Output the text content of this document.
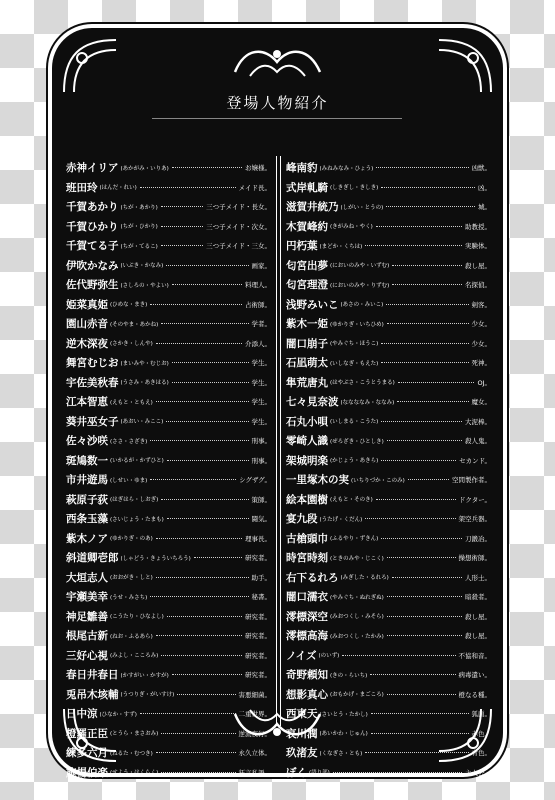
登場人物紹介
赤神イリア (あかがみ・いりあ)	お嬢様。
班田玲 (はんだ・れい)	メイド長。
千賀あかり (ちが・あかり)	三つ子メイド・長女。
千賀ひかり (ちが・ひかり)	三つ子メイド・次女。
千賀てる子 (ちが・てるこ)	三つ子メイド・三女。
伊吹かなみ (いぶき・かなみ)	画家。
佐代野弥生 (さしろの・やよい)	料理人。
姫菜真姫 (ひめな・まき)	占術師。
園山赤音 (そのやま・あかね)	学者。
逆木深夜 (さかき・しんや)	介添人。
舞宮むじお (まいみや・むじお)	学生。
宇佐美秋春 (うさみ・あきはる)	学生。
江本智恵 (えもと・ともえ)	学生。
葵井巫女子 (あおい・みここ)	学生。
佐々沙咲 (ささ・さざき)	刑事。
斑鳩数一 (いかるが・かずひと)	刑事。
市井遊馬 (しせい・ゆま)	シグザグ。
萩原子荻 (はぎはら・しおぎ)	策師。
西条玉藻 (さいじょう・たまも)	闘気。
紫木ノア (ゆかりぎ・のあ)	理事長。
斜道卿壱郎 (しゃどう・きょういちろう)	研究者。
大垣志人 (おおがき・しと)	助手。
宇瀬美幸 (うせ・みさち)	秘書。
神足雛善 (こうたり・ひなよし)	研究者。
根尾古新 (ねお・ふるあら)	研究者。
三好心視 (みよし・こころみ)	研究者。
春日井春日 (かすがい・かすが)	研究者。
兎吊木垓輔 (うつりぎ・がいすけ)	害悪細菌。
日中涼 (ひなか・すず)	二重世界。
橙羅正臣 (とうら・まさおみ)	逆流夜行。
練多六月 (ねるた・むつき)	永久立体。
施楊伯楽 (せよう・はくらく)	狂言私語。
峰南豹 (みねみなみ・ひょう)	凶獣。
式岸軋騎 (しきぎし・きしき)	凶。
滋賀井統乃 (しがい・とうの)	城。
木賀峰約 (きがみね・やく)	助教授。
円朽葉 (まどか・くちは)	実験体。
匂宮出夢 (においのみや・いずむ)	殺し屋。
匂宮理澄 (においのみや・りずむ)	名探偵。
浅野みいこ (あさの・みいこ)	剣客。
紫木一姫 (ゆかりぎ・いちひめ)	少女。
闇口崩子 (やみぐち・ほうこ)	少女。
石凪萌太 (いしなぎ・もえた)	死神。
隼荒唐丸 (はやぶさ・こうとうまる)	OJ。
七々見奈波 (ななななみ・ななみ)	魔女。
石丸小唄 (いしまる・こうた)	大泥棒。
零崎人識 (ぜろざき・ひとしき)	殺人鬼。
架城明楽 (かじょう・あきら)	セカンド。
一里塚木の実 (いちりづか・このみ)	空間製作者。
絵本園樹 (えもと・そのき)	ドクター。
宴九段 (うたげ・くだん)	架空兵器。
古槍頭巾 (ふるやり・ずきん)	刀鍛冶。
時宮時刻 (ときのみや・じこく)	操想術師。
右下るれろ (みぎした・るれろ)	人形士。
闇口濡衣 (やみぐち・ぬれぎぬ)	暗殺者。
澪標深空 (みおつくし・みそら)	殺し屋。
澪標高海 (みおつくし・たかみ)	殺し屋。
ノイズ (のいず)	不協和音。
奇野頼知 (きの・らいち)	病毒遣い。
想影真心 (おもかげ・まごころ)	橙なる種。
西東天 (さいとう・たかし)	狐面。
哀川潤 (あいかわ・じゅん)	赤色。
玖渚友 (くなぎさ・とも)	青色。
ぼく (語り部)	主人公。
